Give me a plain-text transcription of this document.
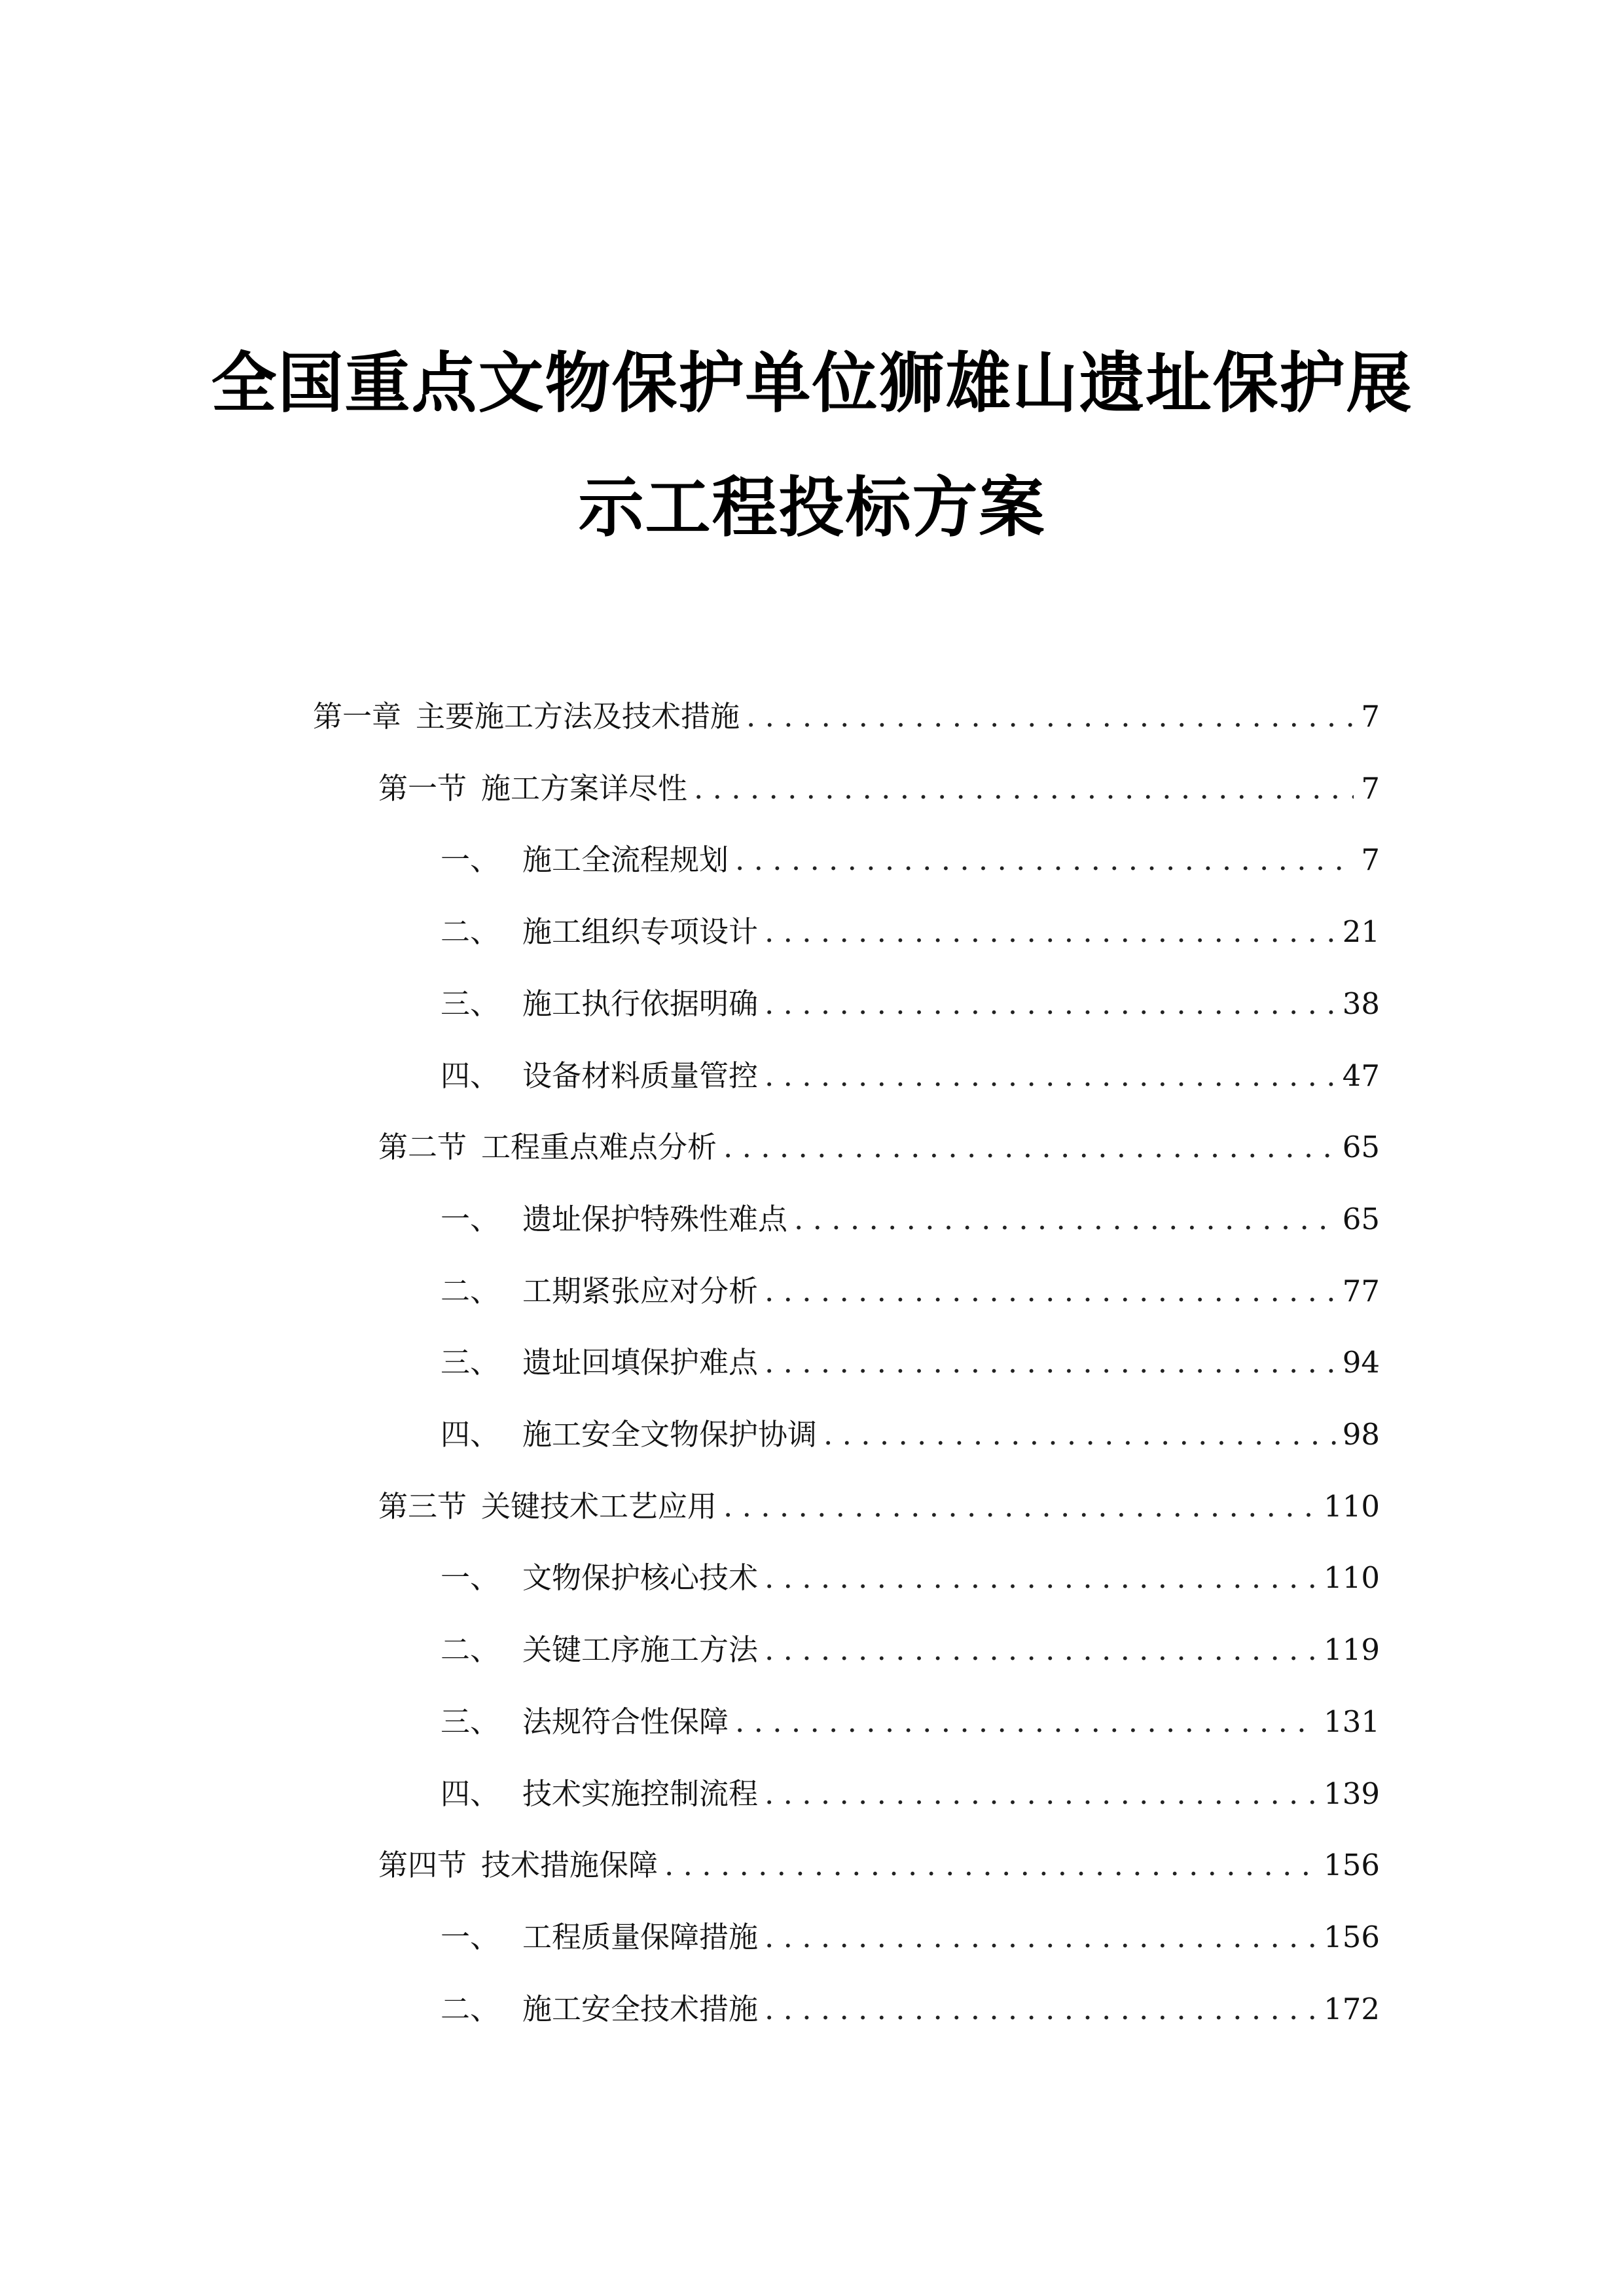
全国重点文物保护单位狮雄山遗址保护展
示工程投标方案
第一章 主要施工方法及技术措施 . . .	7
第一节 施工方案详尽性 . . .	7
一、 施工全流程规划 . . .	7
二、 施工组织专项设计 . . .	21
三、 施工执行依据明确 . . .	38
四、 设备材料质量管控 . . .	47
第二节 工程重点难点分析 . . .	65
一、 遗址保护特殊性难点 . . .	65
二、 工期紧张应对分析 . . .	77
三、 遗址回填保护难点 . . .	94
四、 施工安全文物保护协调 . . .	98
第三节 关键技术工艺应用 . . .	110
一、 文物保护核心技术 . . .	110
二、 关键工序施工方法 . . .	119
三、 法规符合性保障 . . .	131
四、 技术实施控制流程 . . .	139
第四节 技术措施保障 . . .	156
一、 工程质量保障措施 . . .	156
二、 施工安全技术措施 . . .	172
